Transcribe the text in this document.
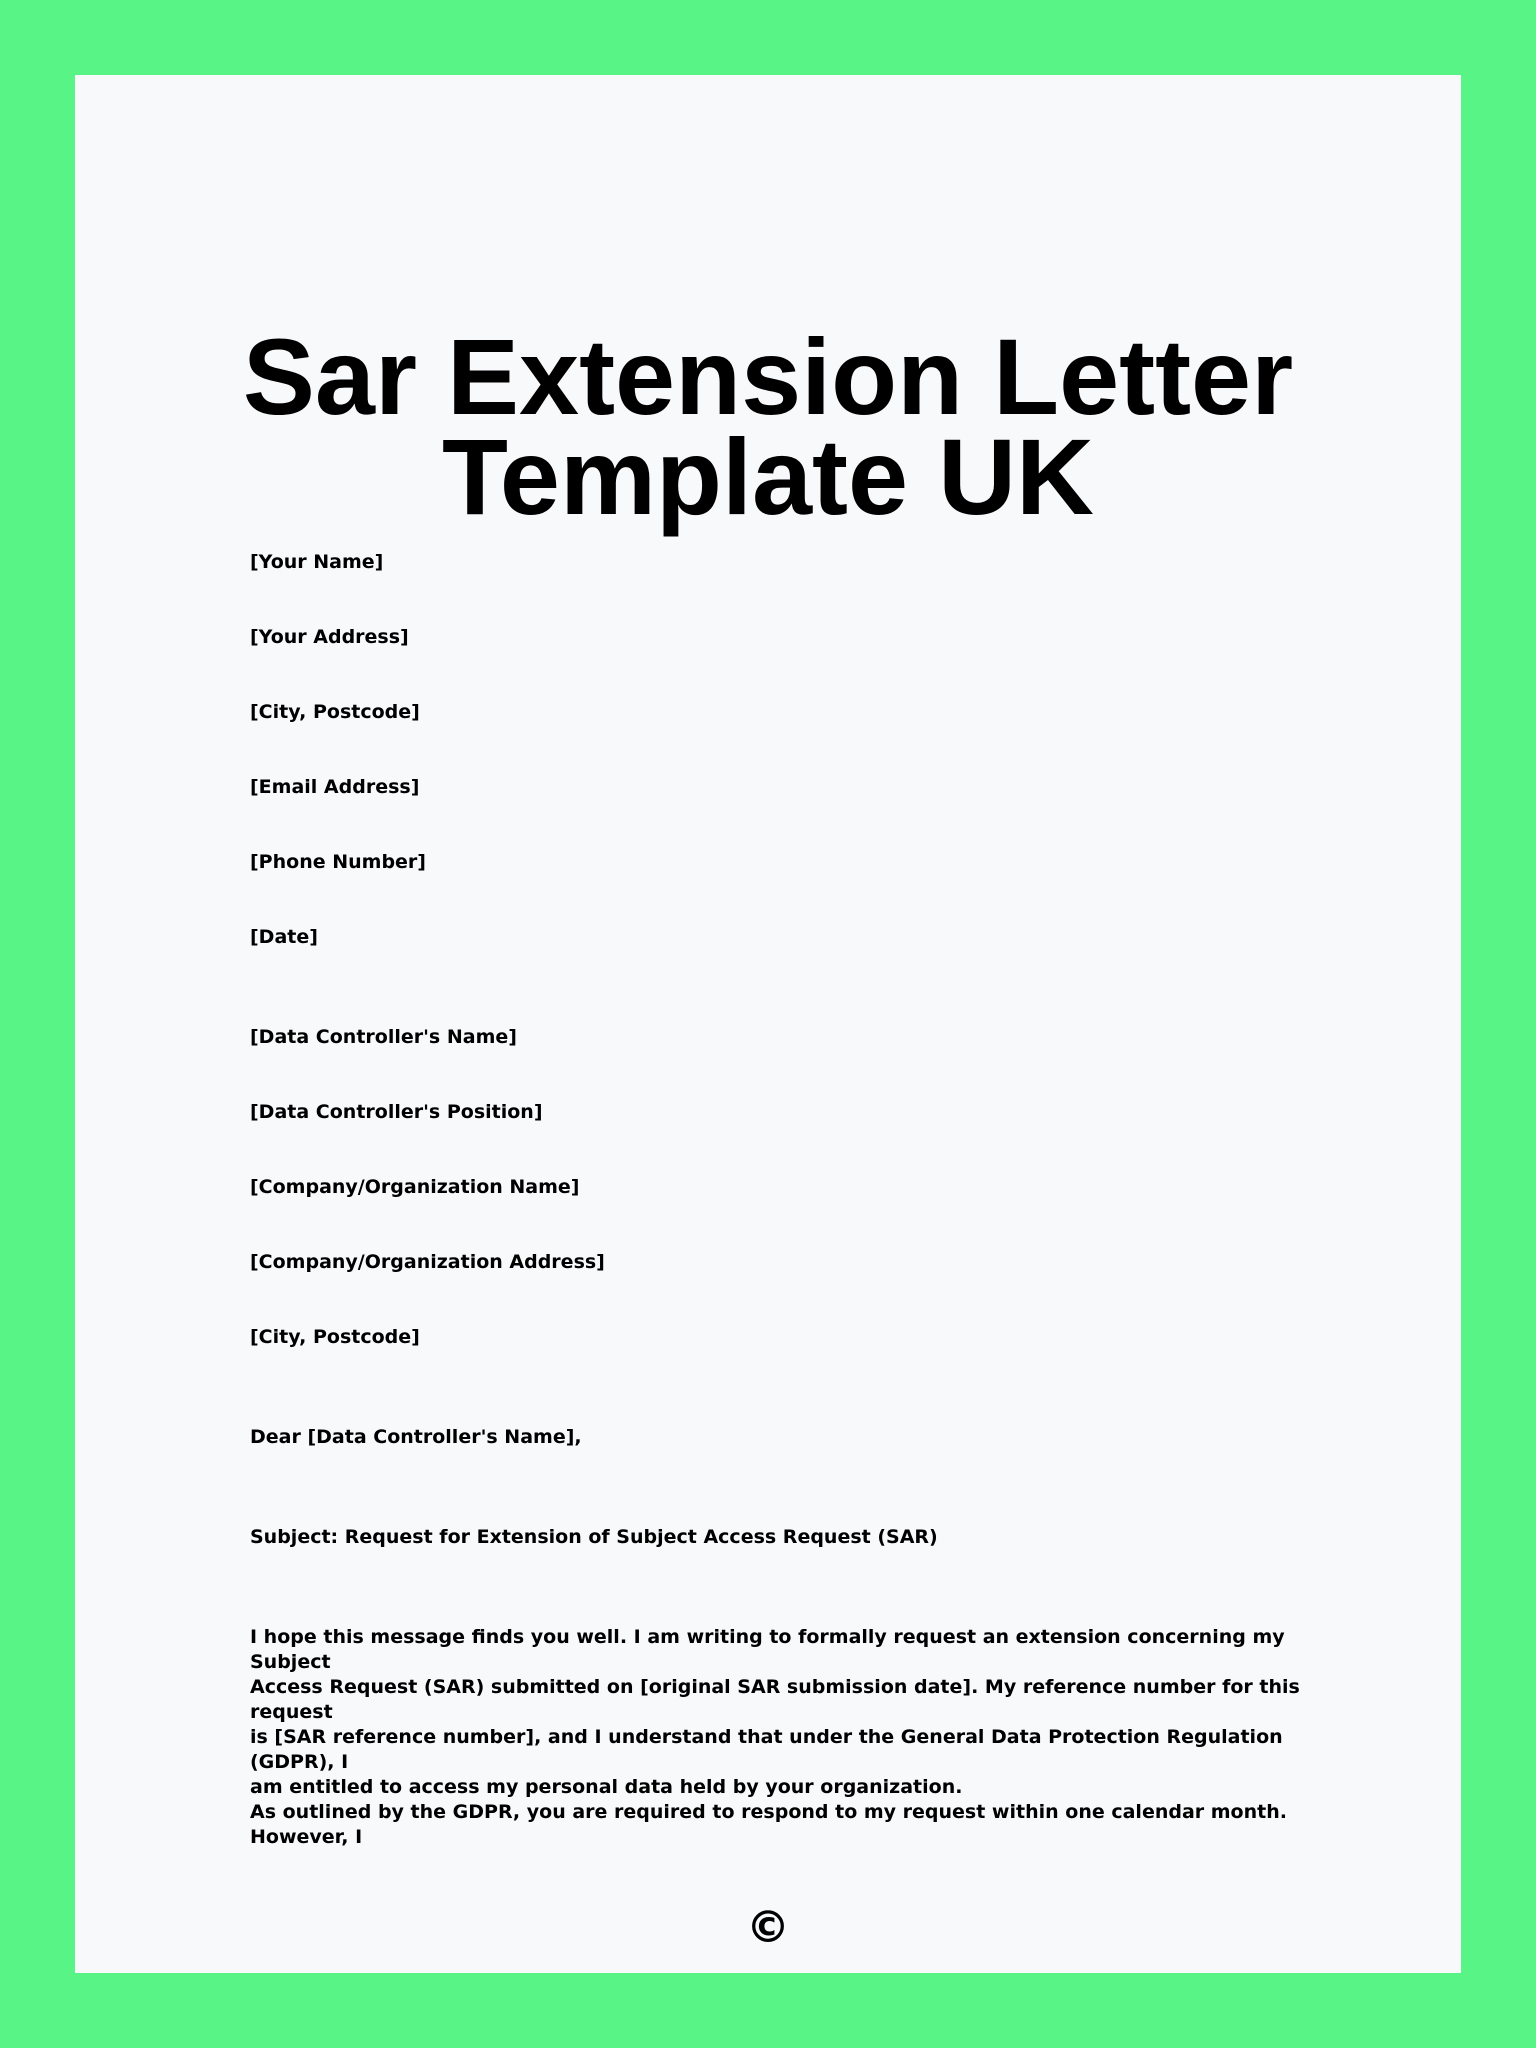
Sar Extension Letter
Template UK

[Your Name]

[Your Address]

[City, Postcode]

[Email Address]

[Phone Number]

[Date]

[Data Controller's Name]

[Data Controller's Position]

[Company/Organization Name]

[Company/Organization Address]

[City, Postcode]

Dear [Data Controller's Name],

Subject: Request for Extension of Subject Access Request (SAR)

I hope this message finds you well. I am writing to formally request an extension concerning my Subject
Access Request (SAR) submitted on [original SAR submission date]. My reference number for this request
is [SAR reference number], and I understand that under the General Data Protection Regulation (GDPR), I
am entitled to access my personal data held by your organization.

As outlined by the GDPR, you are required to respond to my request within one calendar month. However, I

©
